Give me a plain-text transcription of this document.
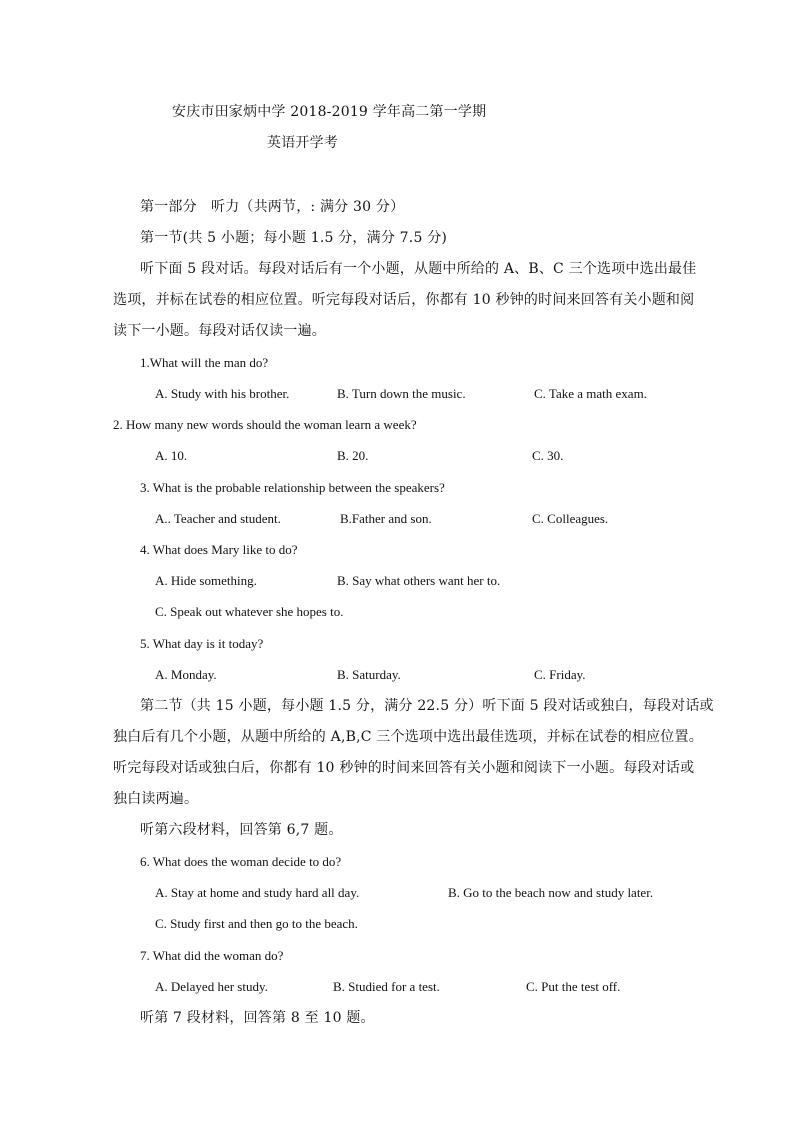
安庆市田家炳中学 2018-2019 学年高二第一学期
英语开学考
第一部分　听力（共两节，: 满分 30 分）
第一节(共 5 小题；每小题 1.5 分，满分 7.5 分)
听下面 5 段对话。每段对话后有一个小题，从题中所给的 A、B、C 三个选项中选出最佳
选项，并标在试卷的相应位置。听完每段对话后，你都有 10 秒钟的时间来回答有关小题和阅
读下一小题。每段对话仅读一遍。
1.What will the man do?
A. Study with his brother.	B. Turn down the music.	C. Take a math exam.
2. How many new words should the woman learn a week?
A. 10.	B. 20.	C. 30.
3. What is the probable relationship between the speakers?
A.. Teacher and student.	B.Father and son.	C. Colleagues.
4. What does Mary like to do?
A. Hide something.	B. Say what others want her to.
C. Speak out whatever she hopes to.
5. What day is it today?
A. Monday.	B. Saturday.	C. Friday.
第二节（共 15 小题，每小题 1.5 分，满分 22.5 分）听下面 5 段对话或独白，每段对话或
独白后有几个小题，从题中所给的 A,B,C 三个选项中选出最佳选项，并标在试卷的相应位置。
听完每段对话或独白后，你都有 10 秒钟的时间来回答有关小题和阅读下一小题。每段对话或
独白读两遍。
听第六段材料，回答第 6,7 题。
6. What does the woman decide to do?
A. Stay at home and study hard all day.	B. Go to the beach now and study later.
C. Study first and then go to the beach.
7. What did the woman do?
A. Delayed her study.	B. Studied for a test.	C. Put the test off.
听第 7 段材料，回答第 8 至 10 题。
